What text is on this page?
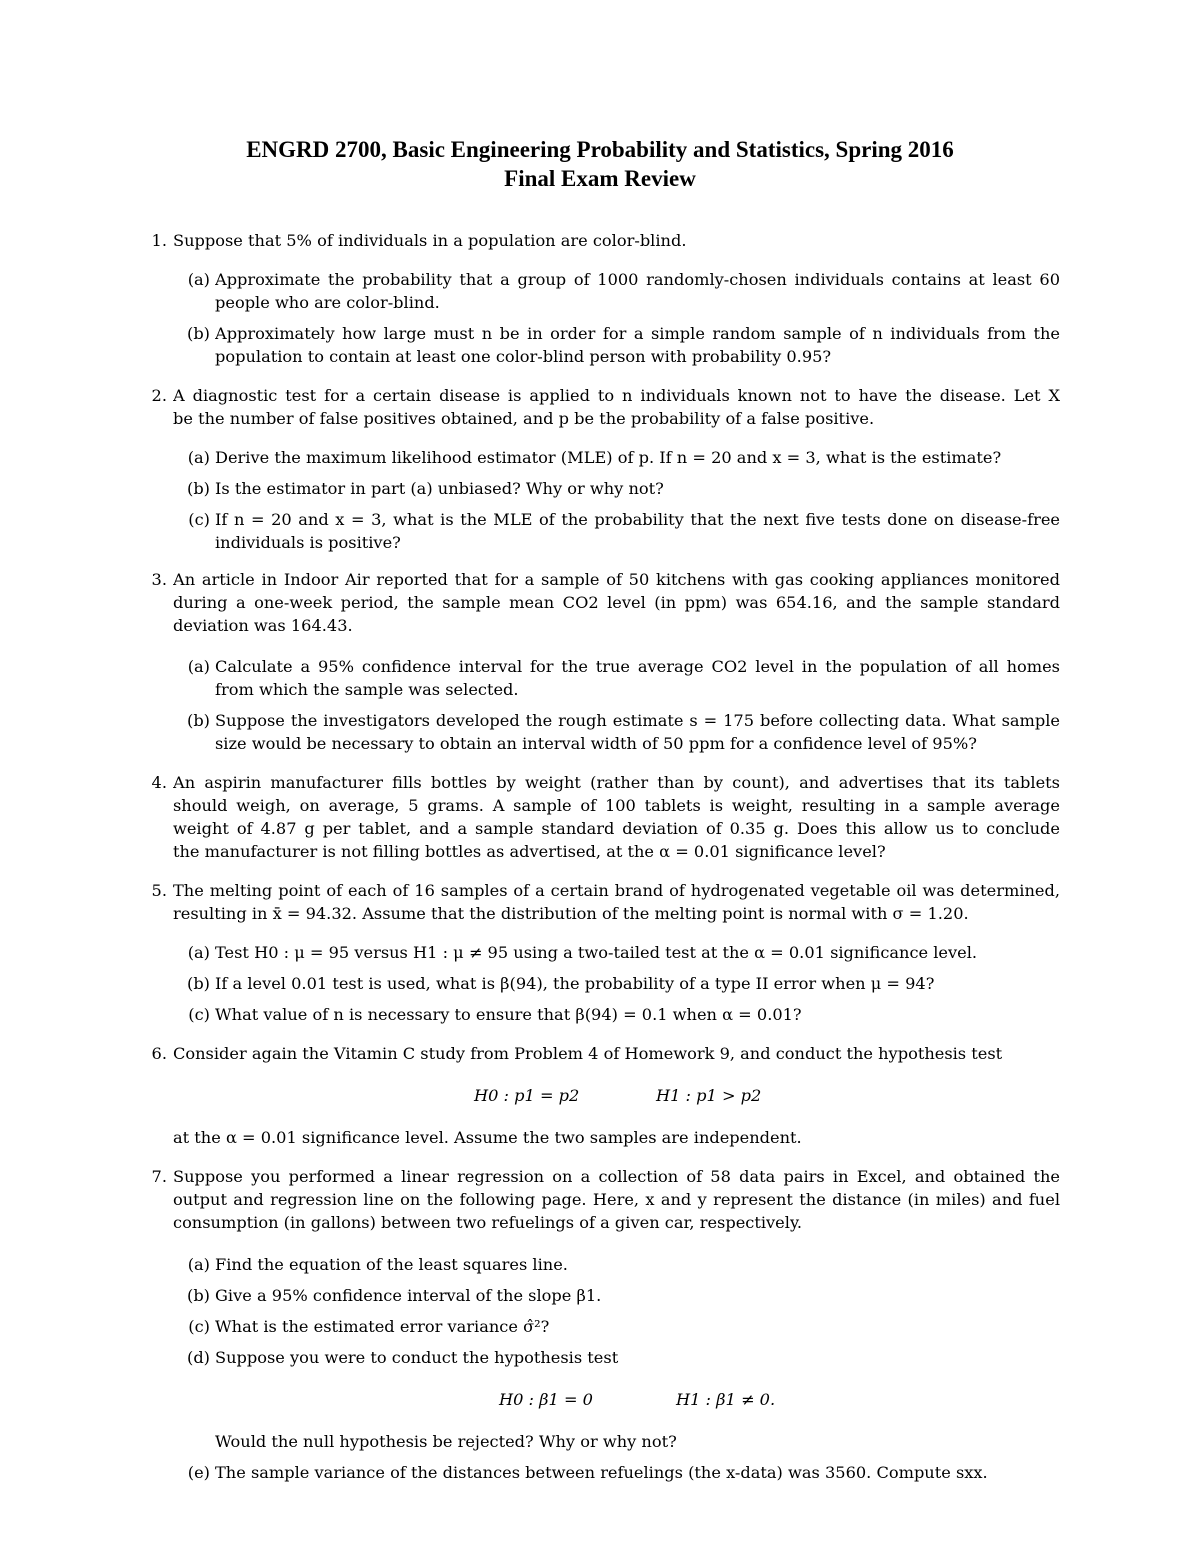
ENGRD 2700, Basic Engineering Probability and Statistics, Spring 2016
Final Exam Review
1. Suppose that 5% of individuals in a population are color-blind.
(a) Approximate the probability that a group of 1000 randomly-chosen individuals contains at least 60
people who are color-blind.
(b) Approximately how large must n be in order for a simple random sample of n individuals from the
population to contain at least one color-blind person with probability 0.95?
2. A diagnostic test for a certain disease is applied to n individuals known not to have the disease. Let X
be the number of false positives obtained, and p be the probability of a false positive.
(a) Derive the maximum likelihood estimator (MLE) of p. If n = 20 and x = 3, what is the estimate?
(b) Is the estimator in part (a) unbiased? Why or why not?
(c) If n = 20 and x = 3, what is the MLE of the probability that the next five tests done on disease-free
individuals is positive?
3. An article in Indoor Air reported that for a sample of 50 kitchens with gas cooking appliances monitored
during a one-week period, the sample mean CO2 level (in ppm) was 654.16, and the sample standard
deviation was 164.43.
(a) Calculate a 95% confidence interval for the true average CO2 level in the population of all homes
from which the sample was selected.
(b) Suppose the investigators developed the rough estimate s = 175 before collecting data. What sample
size would be necessary to obtain an interval width of 50 ppm for a confidence level of 95%?
4. An aspirin manufacturer fills bottles by weight (rather than by count), and advertises that its tablets
should weigh, on average, 5 grams. A sample of 100 tablets is weight, resulting in a sample average
weight of 4.87 g per tablet, and a sample standard deviation of 0.35 g. Does this allow us to conclude
the manufacturer is not filling bottles as advertised, at the α = 0.01 significance level?
5. The melting point of each of 16 samples of a certain brand of hydrogenated vegetable oil was determined,
resulting in x̄ = 94.32. Assume that the distribution of the melting point is normal with σ = 1.20.
(a) Test H0 : μ = 95 versus H1 : μ ≠ 95 using a two-tailed test at the α = 0.01 significance level.
(b) If a level 0.01 test is used, what is β(94), the probability of a type II error when μ = 94?
(c) What value of n is necessary to ensure that β(94) = 0.1 when α = 0.01?
6. Consider again the Vitamin C study from Problem 4 of Homework 9, and conduct the hypothesis test
H0 : p1 = p2	H1 : p1 > p2
at the α = 0.01 significance level. Assume the two samples are independent.
7. Suppose you performed a linear regression on a collection of 58 data pairs in Excel, and obtained the
output and regression line on the following page. Here, x and y represent the distance (in miles) and fuel
consumption (in gallons) between two refuelings of a given car, respectively.
(a) Find the equation of the least squares line.
(b) Give a 95% confidence interval of the slope β1.
(c) What is the estimated error variance σ̂²?
(d) Suppose you were to conduct the hypothesis test
H0 : β1 = 0	H1 : β1 ≠ 0.
Would the null hypothesis be rejected? Why or why not?
(e) The sample variance of the distances between refuelings (the x-data) was 3560. Compute sxx.
